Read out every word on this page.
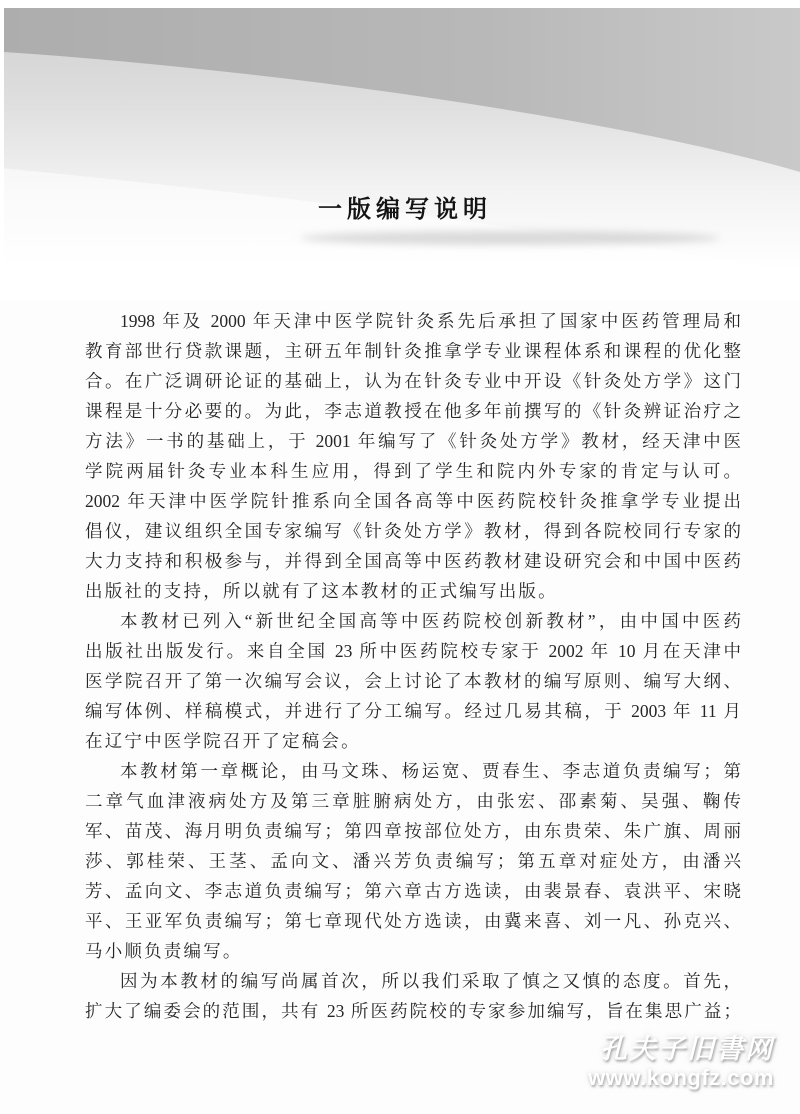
一版编写说明
1998 年及 2000 年天津中医学院针灸系先后承担了国家中医药管理局和
教育部世行贷款课题，主研五年制针灸推拿学专业课程体系和课程的优化整
合。在广泛调研论证的基础上，认为在针灸专业中开设《针灸处方学》这门
课程是十分必要的。为此，李志道教授在他多年前撰写的《针灸辨证治疗之
方法》一书的基础上，于 2001 年编写了《针灸处方学》教材，经天津中医
学院两届针灸专业本科生应用，得到了学生和院内外专家的肯定与认可。
2002 年天津中医学院针推系向全国各高等中医药院校针灸推拿学专业提出
倡仪，建议组织全国专家编写《针灸处方学》教材，得到各院校同行专家的
大力支持和积极参与，并得到全国高等中医药教材建设研究会和中国中医药
出版社的支持，所以就有了这本教材的正式编写出版。
本教材已列入“新世纪全国高等中医药院校创新教材”，由中国中医药
出版社出版发行。来自全国 23 所中医药院校专家于 2002 年 10 月在天津中
医学院召开了第一次编写会议，会上讨论了本教材的编写原则、编写大纲、
编写体例、样稿模式，并进行了分工编写。经过几易其稿，于 2003 年 11 月
在辽宁中医学院召开了定稿会。
本教材第一章概论，由马文珠、杨运宽、贾春生、李志道负责编写；第
二章气血津液病处方及第三章脏腑病处方，由张宏、邵素菊、吴强、鞠传
军、苗茂、海月明负责编写；第四章按部位处方，由东贵荣、朱广旗、周丽
莎、郭桂荣、王茎、孟向文、潘兴芳负责编写；第五章对症处方，由潘兴
芳、孟向文、李志道负责编写；第六章古方选读，由裴景春、袁洪平、宋晓
平、王亚军负责编写；第七章现代处方选读，由冀来喜、刘一凡、孙克兴、
马小顺负责编写。
因为本教材的编写尚属首次，所以我们采取了慎之又慎的态度。首先，
扩大了编委会的范围，共有 23 所医药院校的专家参加编写，旨在集思广益；
孔夫子旧書网
www.kongfz.com
